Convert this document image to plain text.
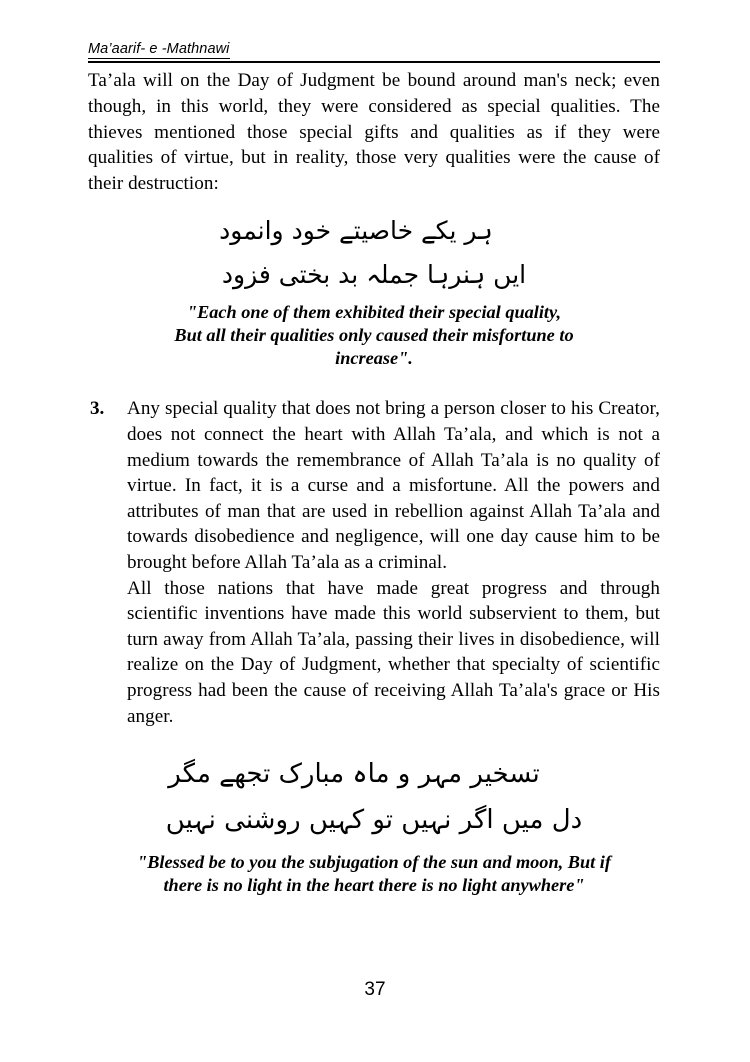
Ma’aarif- e -Mathnawi

Ta’ala will on the Day of Judgment be bound around man's neck; even though, in this world, they were considered as special qualities. The thieves mentioned those special gifts and qualities as if they were qualities of virtue, but in reality, those very qualities were the cause of their destruction:

ہر یکے خاصیتے خود وانمود
ایں ہنرہا جملہ بد بختی فزود
"Each one of them exhibited their special quality,
But all their qualities only caused their misfortune to
increase".
3. Any special quality that does not bring a person closer to his Creator, does not connect the heart with Allah Ta’ala, and which is not a medium towards the remembrance of Allah Ta’ala is no quality of virtue. In fact, it is a curse and a misfortune. All the powers and attributes of man that are used in rebellion against Allah Ta’ala and towards disobedience and negligence, will one day cause him to be brought before Allah Ta’ala as a criminal.

All those nations that have made great progress and through scientific inventions have made this world subservient to them, but turn away from Allah Ta’ala, passing their lives in disobedience, will realize on the Day of Judgment, whether that specialty of scientific progress had been the cause of receiving Allah Ta’ala's grace or His anger.

تسخیر مہر و ماہ مبارک تجھے مگر
دل میں اگر نہیں تو کہیں روشنی نہیں
"Blessed be to you the subjugation of the sun and moon, But if
there is no light in the heart there is no light anywhere"
37
